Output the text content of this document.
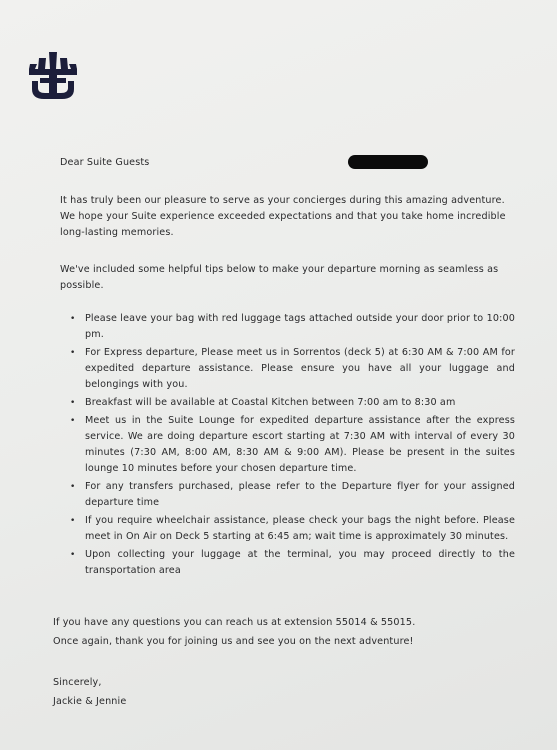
Dear Suite Guests
It has truly been our pleasure to serve as your concierges during this amazing adventure. We hope your Suite experience exceeded expectations and that you take home incredible long-lasting memories.
We've included some helpful tips below to make your departure morning as seamless as possible.
• Please leave your bag with red luggage tags attached outside your door prior to 10:00 pm.
• For Express departure, Please meet us in Sorrentos (deck 5) at 6:30 AM & 7:00 AM for expedited departure assistance. Please ensure you have all your luggage and belongings with you.
• Breakfast will be available at Coastal Kitchen between 7:00 am to 8:30 am
• Meet us in the Suite Lounge for expedited departure assistance after the express service. We are doing departure escort starting at 7:30 AM with interval of every 30 minutes (7:30 AM, 8:00 AM, 8:30 AM & 9:00 AM). Please be present in the suites lounge 10 minutes before your chosen departure time.
• For any transfers purchased, please refer to the Departure flyer for your assigned departure time
• If you require wheelchair assistance, please check your bags the night before. Please meet in On Air on Deck 5 starting at 6:45 am; wait time is approximately 30 minutes.
• Upon collecting your luggage at the terminal, you may proceed directly to the transportation area
If you have any questions you can reach us at extension 55014 & 55015.
Once again, thank you for joining us and see you on the next adventure!
Sincerely,
Jackie & Jennie
